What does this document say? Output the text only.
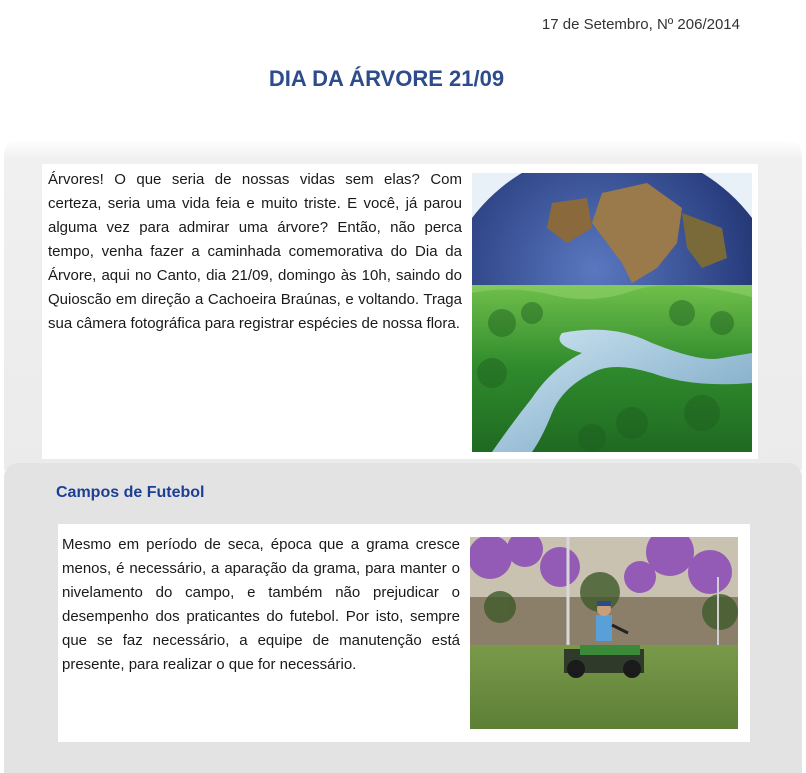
17 de Setembro, Nº 206/2014
DIA DA ÁRVORE 21/09

Árvores! O que seria de nossas vidas sem elas? Com certeza, seria uma vida feia e muito triste. E você, já parou alguma vez para admirar uma árvore? Então, não perca tempo, venha fazer a caminhada comemorativa do Dia da Árvore, aqui no Canto, dia 21/09, domingo às 10h, saindo do Quioscão em direção a Cachoeira Braúnas, e voltando. Traga sua câmera fotográfica para registrar espécies de nossa flora.

Campos de Futebol

Mesmo em período de seca, época que a grama cresce menos, é necessário, a aparação da grama, para manter o nivelamento do campo, e também não prejudicar o desempenho dos praticantes do futebol. Por isto, sempre que se faz necessário, a equipe de manutenção está presente, para realizar o que for necessário.
